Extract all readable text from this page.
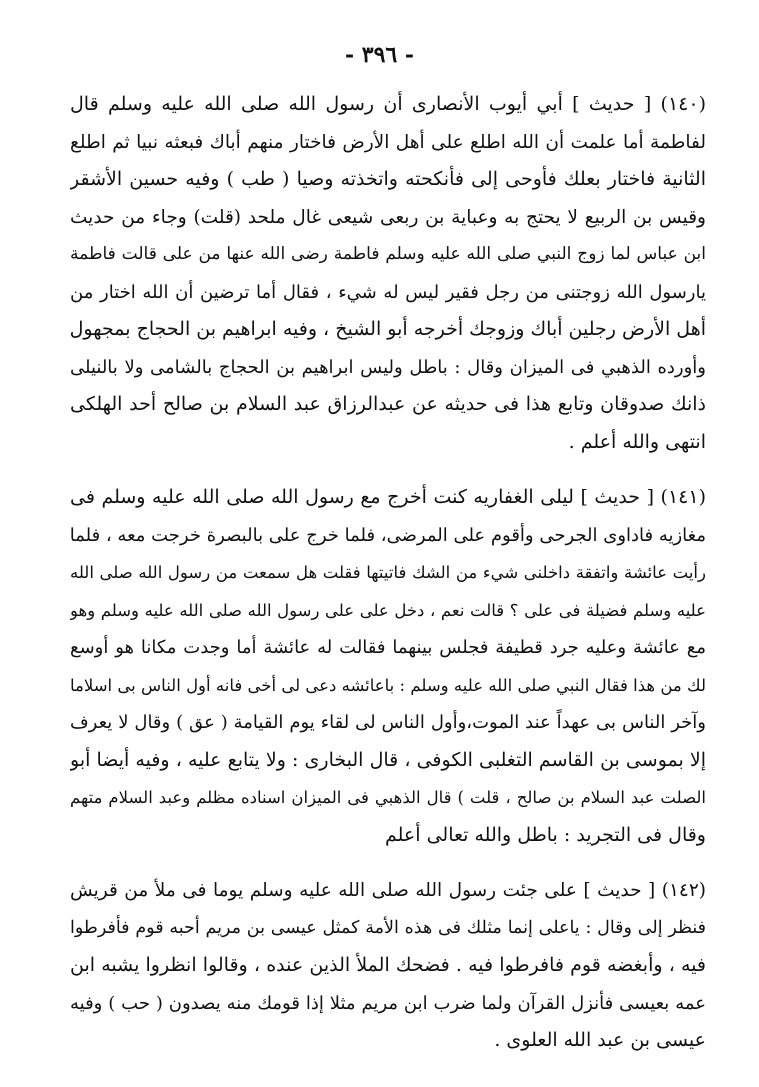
- ٣٩٦ -
(١٤٠) [ حديث ] أبي أيوب الأنصارى أن رسول الله صلى الله عليه وسلم قال
لفاطمة أما علمت أن الله اطلع على أهل الأرض فاختار منهم أباك فبعثه نبيا ثم اطلع
الثانية فاختار بعلك فأوحى إلى فأنكحته واتخذته وصيا ( طب ) وفيه حسين الأشقر
وقيس بن الربيع لا يحتج به وعباية بن ربعى شيعى غال ملحد (قلت) وجاء من حديث
ابن عباس لما زوج النبي صلى الله عليه وسلم فاطمة رضى الله عنها من على قالت فاطمة
يارسول الله زوجتنى من رجل فقير ليس له شيء ، فقال أما ترضين أن الله اختار من
أهل الأرض رجلين أباك وزوجك أخرجه أبو الشيخ ، وفيه ابراهيم بن الحجاج بمجهول
وأورده الذهبي فى الميزان وقال : باطل وليس ابراهيم بن الحجاج بالشامى ولا بالنيلى
ذانك صدوقان وتابع هذا فى حديثه عن عبدالرزاق عبد السلام بن صالح أحد الهلكى
انتهى والله أعلم .
(١٤١) [ حديث ] ليلى الغفاريه كنت أخرج مع رسول الله صلى الله عليه وسلم فى
مغازيه فاداوى الجرحى وأقوم على المرضى، فلما خرج على بالبصرة خرجت معه ، فلما
رأيت عائشة واتفقة داخلنى شيء من الشك فاتيتها فقلت هل سمعت من رسول الله صلى الله
عليه وسلم فضيلة فى على ؟ قالت نعم ، دخل على على رسول الله صلى الله عليه وسلم وهو
مع عائشة وعليه جرد قطيفة فجلس بينهما فقالت له عائشة أما وجدت مكانا هو أوسع
لك من هذا فقال النبي صلى الله عليه وسلم : باعائشه دعى لى أخى فانه أول الناس بى اسلاما
وآخر الناس بى عهداً عند الموت،وأول الناس لى لقاء يوم القيامة ( عق ) وقال لا يعرف
إلا بموسى بن القاسم التغلبى الكوفى ، قال البخارى : ولا يتابع عليه ، وفيه أيضا أبو
الصلت عبد السلام بن صالح ، قلت ) قال الذهبي فى الميزان اسناده مظلم وعبد السلام متهم
وقال فى التجريد : باطل والله تعالى أعلم
(١٤٢) [ حديث ] على جئت رسول الله صلى الله عليه وسلم يوما فى ملأ من قريش
فنظر إلى وقال : ياعلى إنما مثلك فى هذه الأمة كمثل عيسى بن مريم أحبه قوم فأفرطوا
فيه ، وأبغضه قوم فافرطوا فيه . فضحك الملأ الذين عنده ، وقالوا انظروا يشبه ابن
عمه بعيسى فأنزل القرآن ولما ضرب ابن مريم مثلا إذا قومك منه يصدون ( حب ) وفيه
عيسى بن عبد الله العلوى .
